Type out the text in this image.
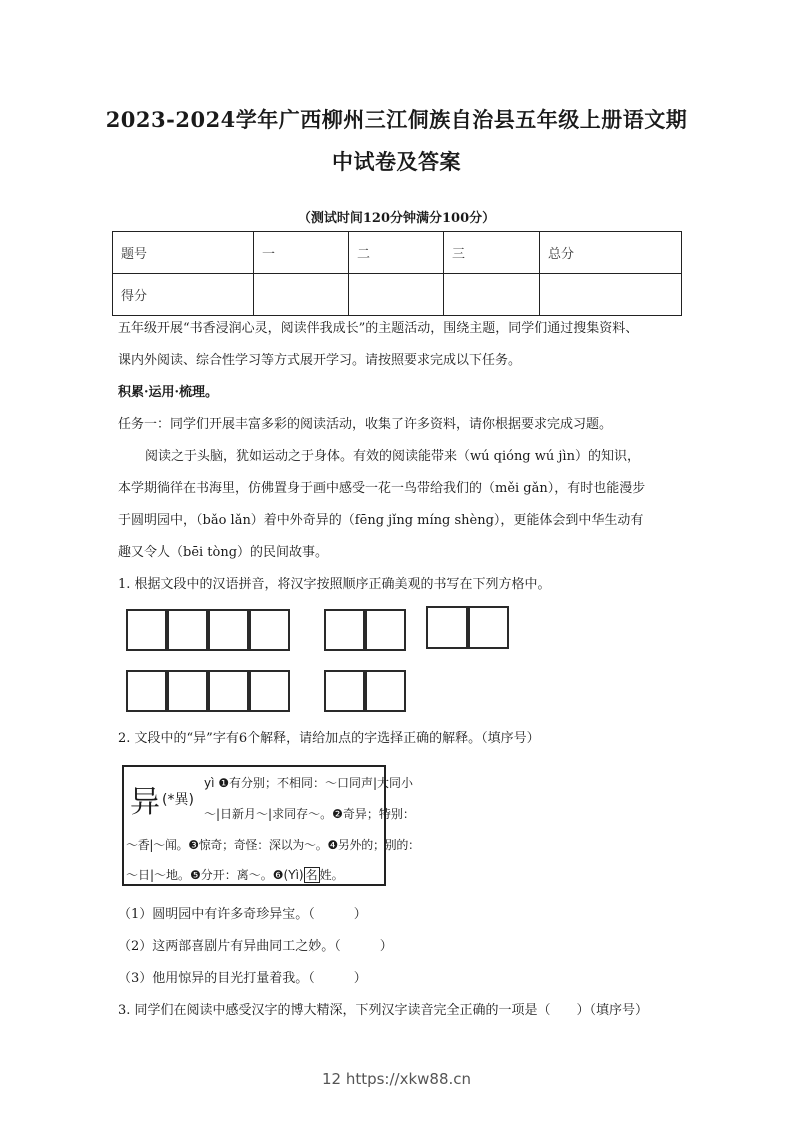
2023-2024学年广西柳州三江侗族自治县五年级上册语文期
中试卷及答案
（测试时间120分钟满分100分）
题号	一	二	三	总分
得分				
五年级开展“书香浸润心灵，阅读伴我成长”的主题活动，围绕主题，同学们通过搜集资料、
课内外阅读、综合性学习等方式展开学习。请按照要求完成以下任务。
积累·运用·梳理。
任务一：同学们开展丰富多彩的阅读活动，收集了许多资料，请你根据要求完成习题。
阅读之于头脑，犹如运动之于身体。有效的阅读能带来（wú qióng wú jìn）的知识，
本学期徜徉在书海里，仿佛置身于画中感受一花一鸟带给我们的（měi gǎn），有时也能漫步
于圆明园中，（bǎo lǎn）着中外奇异的（fēng jǐng míng shèng），更能体会到中华生动有
趣又令人（bēi tòng）的民间故事。
1. 根据文段中的汉语拼音，将汉字按照顺序正确美观的书写在下列方格中。
2. 文段中的“异”字有6个解释，请给加点的字选择正确的解释。（填序号）
异 (*異)
yì ❶有分别；不相同：～口同声|大同小
～|日新月～|求同存～。❷奇异；特别：
～香|～闻。❸惊奇；奇怪：深以为～。❹另外的；别的：
～日|～地。❺分开：离～。❻(Yì) 名 姓。
（1）圆明园中有许多奇珍异宝。（　　　）
（2）这两部喜剧片有异曲同工之妙。（　　　）
（3）他用惊异的目光打量着我。（　　　）
3. 同学们在阅读中感受汉字的博大精深，下列汉字读音完全正确的一项是（　　）（填序号）
12 https://xkw88.cn
